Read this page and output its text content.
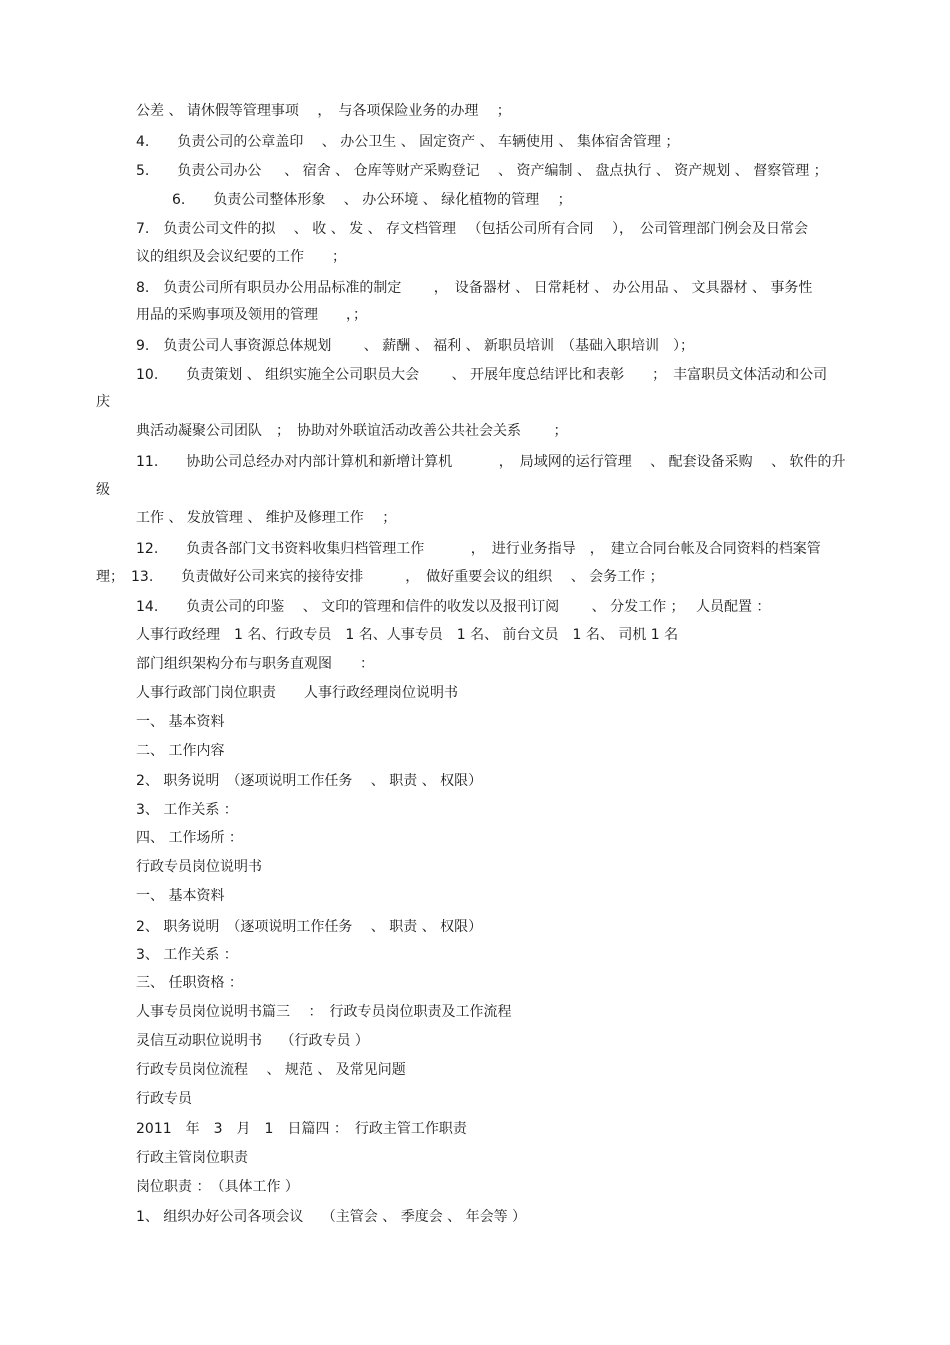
公差 、 请休假等管理事项　 ，　与各项保险业务的办理　 ；

4.　　负责公司的公章盖印　 、 办公卫生 、 固定资产 、 车辆使用 、 集体宿舍管理 ；

5.　　负责公司办公 　 、 宿舍 、 仓库等财产采购登记　 、 资产编制 、 盘点执行 、 资产规划 、 督察管理 ；

6.　　负责公司整体形象　 、 办公环境 、 绿化植物的管理 　；

7.　负责公司文件的拟　 、 收 、 发 、 存文档管理 　（包括公司所有合同　 ），　公司管理部门例会及日常会

议的组织及会议纪要的工作　　；

8.　负责公司所有职员办公用品标准的制定　　 ，　设备器材 、 日常耗材 、 办公用品 、 文具器材 、 事务性

用品的采购事项及领用的管理　　，；

9.　负责公司人事资源总体规划　　 、 薪酬 、 福利 、 新职员培训　（基础入职培训　）；

10.　　负责策划 、 组织实施全公司职员大会　　 、 开展年度总结评比和表彰　　；　丰富职员文体活动和公司

庆

典活动凝聚公司团队　；　协助对外联谊活动改善公共社会关系　　 ；

11.　　协助公司总经办对内部计算机和新增计算机　　　 ，　局域网的运行管理　 、 配套设备采购 　、 软件的升

级

工作 、 发放管理 、 维护及修理工作 　；

12.　　负责各部门文书资料收集归档管理工作　　　 ，　进行业务指导　，　建立合同台帐及合同资料的档案管

理；　13.　　负责做好公司来宾的接待安排　　　，　做好重要会议的组织　 、 会务工作 ；

14.　　负责公司的印鉴　 、 文印的管理和信件的收发以及报刊订阅　　 、 分发工作 ；　 人员配置 ：

人事行政经理　1 名、行政专员　1 名、人事专员　1 名、 前台文员　1 名、 司机 1 名

部门组织架构分布与职务直观图　　：

人事行政部门岗位职责　　人事行政经理岗位说明书

一、 基本资料

二、 工作内容

2、 职务说明　（逐项说明工作任务　 、 职责 、 权限）

3、 工作关系 ：

四、 工作场所 ：

行政专员岗位说明书

一、 基本资料

2、 职务说明　（逐项说明工作任务　 、 职责 、 权限）

3、 工作关系 ：

三、 任职资格 ：

人事专员岗位说明书篇三　 ：　行政专员岗位职责及工作流程

灵信互动职位说明书　 （行政专员 ）

行政专员岗位流程　 、 规范 、 及常见问题

行政专员

2011　年　3　月　1　日篇四 ：　行政主管工作职责

行政主管岗位职责

岗位职责 ：　（具体工作 ）

1、 组织办好公司各项会议　 （主管会 、 季度会 、 年会等 ）
